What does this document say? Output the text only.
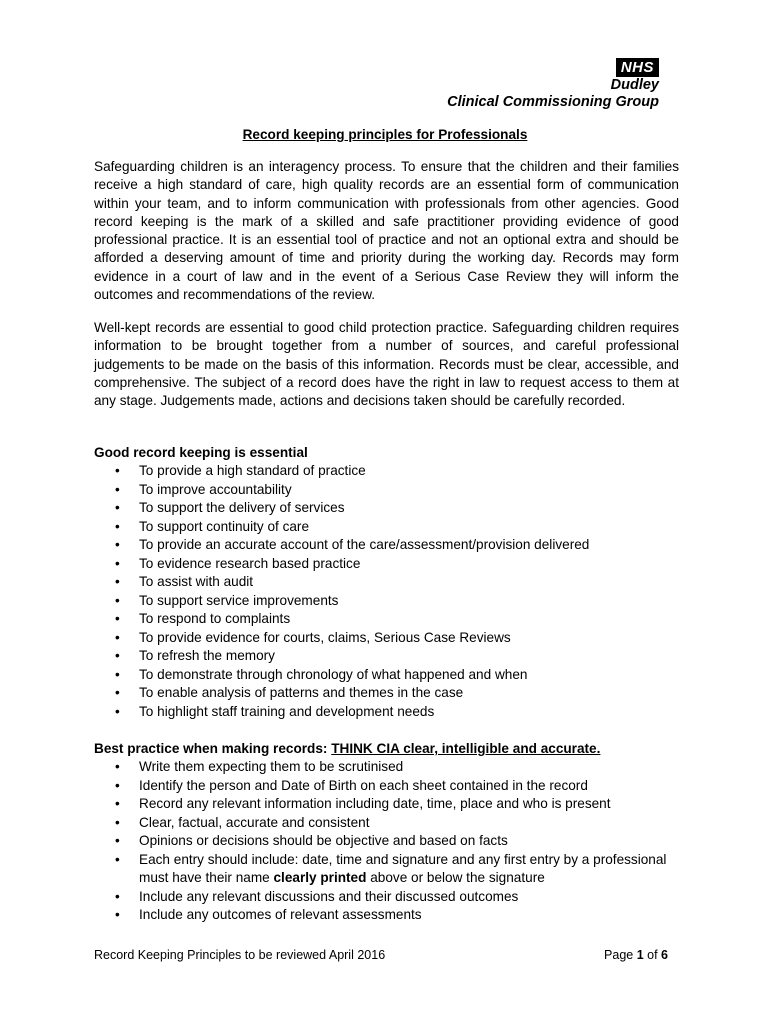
NHS
Dudley
Clinical Commissioning Group
Record keeping principles for Professionals

Safeguarding children is an interagency process. To ensure that the children and their families receive a high standard of care, high quality records are an essential form of communication within your team, and to inform communication with professionals from other agencies. Good record keeping is the mark of a skilled and safe practitioner providing evidence of good professional practice. It is an essential tool of practice and not an optional extra and should be afforded a deserving amount of time and priority during the working day. Records may form evidence in a court of law and in the event of a Serious Case Review they will inform the outcomes and recommendations of the review.

Well-kept records are essential to good child protection practice. Safeguarding children requires information to be brought together from a number of sources, and careful professional judgements to be made on the basis of this information. Records must be clear, accessible, and comprehensive. The subject of a record does have the right in law to request access to them at any stage. Judgements made, actions and decisions taken should be carefully recorded.

Good record keeping is essential

• To provide a high standard of practice
• To improve accountability
• To support the delivery of services
• To support continuity of care
• To provide an accurate account of the care/assessment/provision delivered
• To evidence research based practice
• To assist with audit
• To support service improvements
• To respond to complaints
• To provide evidence for courts, claims, Serious Case Reviews
• To refresh the memory
• To demonstrate through chronology of what happened and when
• To enable analysis of patterns and themes in the case
• To highlight staff training and development needs

Best practice when making records: THINK CIA clear, intelligible and accurate.

• Write them expecting them to be scrutinised
• Identify the person and Date of Birth on each sheet contained in the record
• Record any relevant information including date, time, place and who is present
• Clear, factual, accurate and consistent
• Opinions or decisions should be objective and based on facts
• Each entry should include: date, time and signature and any first entry by a professional must have their name clearly printed above or below the signature
• Include any relevant discussions and their discussed outcomes
• Include any outcomes of relevant assessments
Record Keeping Principles to be reviewed April 2016	Page 1 of 6
